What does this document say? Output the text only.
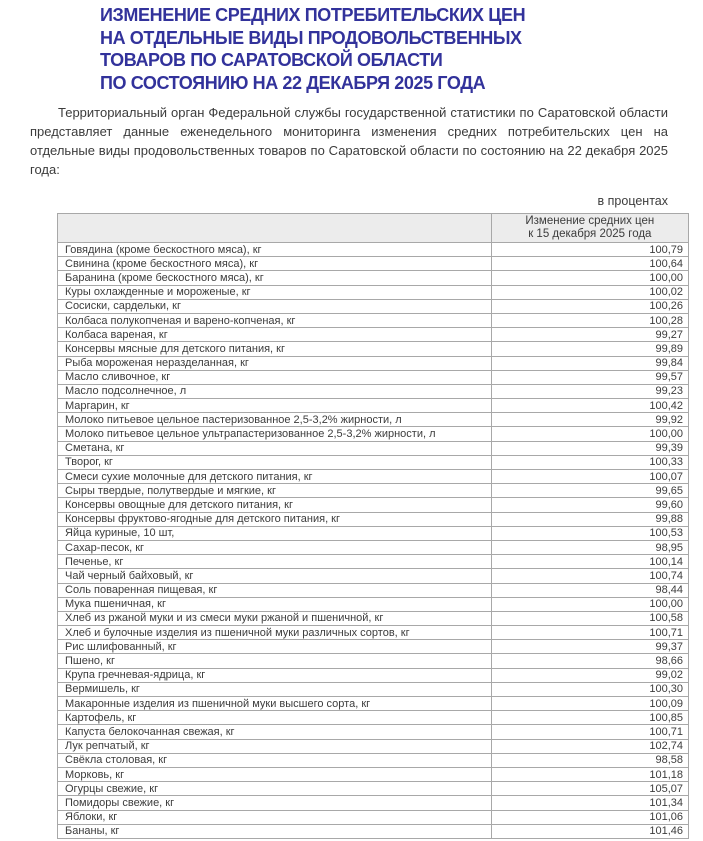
ИЗМЕНЕНИЕ СРЕДНИХ ПОТРЕБИТЕЛЬСКИХ ЦЕН
НА ОТДЕЛЬНЫЕ ВИДЫ ПРОДОВОЛЬСТВЕННЫХ
ТОВАРОВ ПО САРАТОВСКОЙ ОБЛАСТИ
ПО СОСТОЯНИЮ НА 22 ДЕКАБРЯ 2025 ГОДА

Территориальный орган Федеральной службы государственной статистики по Саратовской области представляет данные еженедельного мониторинга изменения средних потребительских цен на отдельные виды продовольственных товаров по Саратовской области по состоянию на 22 декабря 2025 года:

в процентах

	Изменение средних цен
к 15 декабря 2025 года

Говядина (кроме бескостного мяса), кг	100,79
Свинина (кроме бескостного мяса), кг	100,64
Баранина (кроме бескостного мяса), кг	100,00
Куры охлажденные и мороженые, кг	100,02
Сосиски, сардельки, кг	100,26
Колбаса полукопченая и варено-копченая, кг	100,28
Колбаса вареная, кг	99,27
Консервы мясные для детского питания, кг	99,89
Рыба мороженая неразделанная, кг	99,84
Масло сливочное, кг	99,57
Масло подсолнечное, л	99,23
Маргарин, кг	100,42
Молоко питьевое цельное пастеризованное 2,5-3,2% жирности, л	99,92
Молоко питьевое цельное ультрапастеризованное 2,5-3,2% жирности, л	100,00
Сметана, кг	99,39
Творог, кг	100,33
Смеси сухие молочные для детского питания, кг	100,07
Сыры твердые, полутвердые и мягкие, кг	99,65
Консервы овощные для детского питания, кг	99,60
Консервы фруктово-ягодные для детского питания, кг	99,88
Яйца куриные, 10 шт,	100,53
Сахар-песок, кг	98,95
Печенье, кг	100,14
Чай черный байховый, кг	100,74
Соль поваренная пищевая, кг	98,44
Мука пшеничная, кг	100,00
Хлеб из ржаной муки и из смеси муки ржаной и пшеничной, кг	100,58
Хлеб и булочные изделия из пшеничной муки различных сортов, кг	100,71
Рис шлифованный, кг	99,37
Пшено, кг	98,66
Крупа гречневая-ядрица, кг	99,02
Вермишель, кг	100,30
Макаронные изделия из пшеничной муки высшего сорта, кг	100,09
Картофель, кг	100,85
Капуста белокочанная свежая, кг	100,71
Лук репчатый, кг	102,74
Свёкла столовая, кг	98,58
Морковь, кг	101,18
Огурцы свежие, кг	105,07
Помидоры свежие, кг	101,34
Яблоки, кг	101,06
Бананы, кг	101,46
